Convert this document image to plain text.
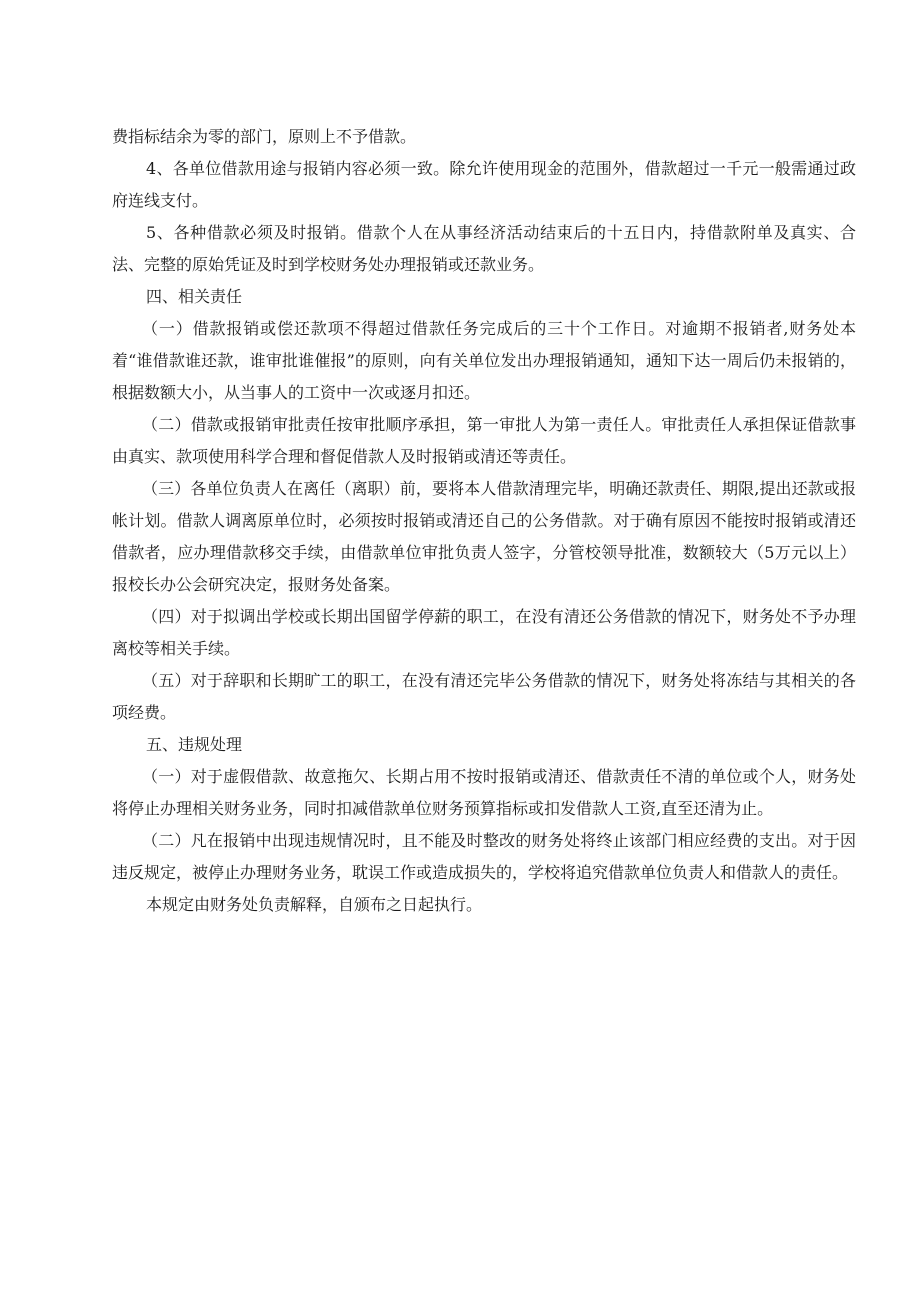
费指标结余为零的部门，原则上不予借款。

4、各单位借款用途与报销内容必须一致。除允许使用现金的范围外，借款超过一千元一般需通过政府连线支付。

5、各种借款必须及时报销。借款个人在从事经济活动结束后的十五日内，持借款附单及真实、合法、完整的原始凭证及时到学校财务处办理报销或还款业务。

四、相关责任

（一）借款报销或偿还款项不得超过借款任务完成后的三十个工作日。对逾期不报销者,财务处本着“谁借款谁还款，谁审批谁催报”的原则，向有关单位发出办理报销通知，通知下达一周后仍未报销的，根据数额大小，从当事人的工资中一次或逐月扣还。

（二）借款或报销审批责任按审批顺序承担，第一审批人为第一责任人。审批责任人承担保证借款事由真实、款项使用科学合理和督促借款人及时报销或清还等责任。

（三）各单位负责人在离任（离职）前，要将本人借款清理完毕，明确还款责任、期限,提出还款或报帐计划。借款人调离原单位时，必须按时报销或清还自己的公务借款。对于确有原因不能按时报销或清还借款者，应办理借款移交手续，由借款单位审批负责人签字，分管校领导批准，数额较大（5万元以上）报校长办公会研究决定，报财务处备案。

（四）对于拟调出学校或长期出国留学停薪的职工，在没有清还公务借款的情况下，财务处不予办理离校等相关手续。

（五）对于辞职和长期旷工的职工，在没有清还完毕公务借款的情况下，财务处将冻结与其相关的各项经费。

五、违规处理

（一）对于虚假借款、故意拖欠、长期占用不按时报销或清还、借款责任不清的单位或个人，财务处将停止办理相关财务业务，同时扣减借款单位财务预算指标或扣发借款人工资,直至还清为止。

（二）凡在报销中出现违规情况时，且不能及时整改的财务处将终止该部门相应经费的支出。对于因违反规定，被停止办理财务业务，耽误工作或造成损失的，学校将追究借款单位负责人和借款人的责任。

本规定由财务处负责解释，自颁布之日起执行。
